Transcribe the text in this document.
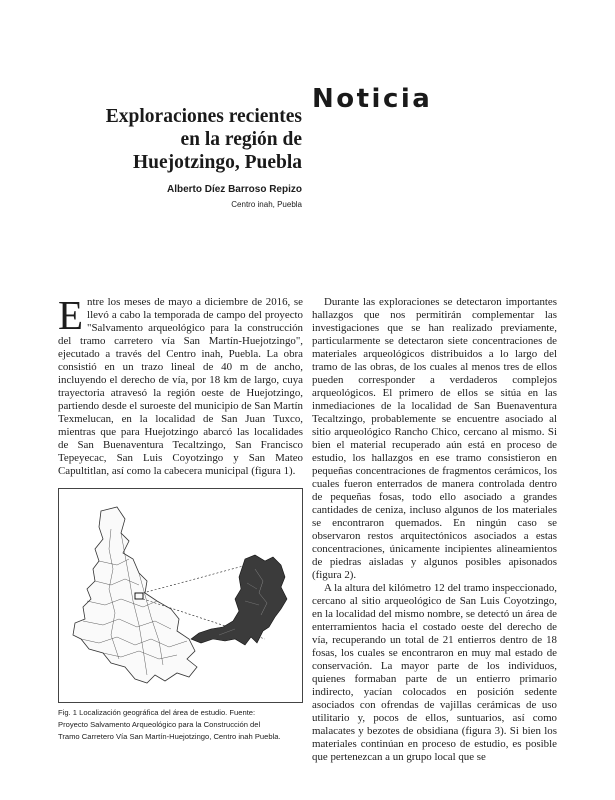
Noticia
Exploraciones recientes
en la región de
Huejotzingo, Puebla

Alberto Díez Barroso Repizo

Centro inah, Puebla

Entre los meses de mayo a diciembre de 2016, se llevó a cabo la temporada de campo del proyecto "Salvamento arqueológico para la construcción del tramo carretero vía San Martín-Huejotzingo", ejecutado a través del Centro inah, Puebla. La obra consistió en un trazo lineal de 40 m de ancho, incluyendo el derecho de vía, por 18 km de largo, cuya trayectoria atravesó la región oeste de Huejotzingo, partiendo desde el suroeste del municipio de San Martín Texmelucan, en la localidad de San Juan Tuxco, mientras que para Huejotzingo abarcó las localidades de San Buenaventura Tecaltzingo, San Francisco Tepeyecac, San Luis Coyotzingo y San Mateo Capultitlan, así como la cabecera municipal (figura 1).

Fig. 1 Localización geográfica del área de estudio. Fuente:
Proyecto Salvamento Arqueológico para la Construcción del
Tramo Carretero Vía San Martín-Huejotzingo, Centro inah Puebla.

Durante las exploraciones se detectaron importantes hallazgos que nos permitirán complementar las investigaciones que se han realizado previamente, particularmente se detectaron siete concentraciones de materiales arqueológicos distribuidos a lo largo del tramo de las obras, de los cuales al menos tres de ellos pueden corresponder a verdaderos complejos arqueológicos. El primero de ellos se sitúa en las inmediaciones de la localidad de San Buenaventura Tecaltzingo, probablemente se encuentre asociado al sitio arqueológico Rancho Chico, cercano al mismo. Si bien el material recuperado aún está en proceso de estudio, los hallazgos en ese tramo consistieron en pequeñas concentraciones de fragmentos cerámicos, los cuales fueron enterrados de manera controlada dentro de pequeñas fosas, todo ello asociado a grandes cantidades de ceniza, incluso algunos de los materiales se encontraron quemados. En ningún caso se observaron restos arquitectónicos asociados a estas concentraciones, únicamente incipientes alineamientos de piedras aisladas y algunos posibles apisonados (figura 2).

A la altura del kilómetro 12 del tramo inspeccionado, cercano al sitio arqueológico de San Luis Coyotzingo, en la localidad del mismo nombre, se detectó un área de enterramientos hacia el costado oeste del derecho de vía, recuperando un total de 21 entierros dentro de 18 fosas, los cuales se encontraron en muy mal estado de conservación. La mayor parte de los individuos, quienes formaban parte de un entierro primario indirecto, yacían colocados en posición sedente asociados con ofrendas de vajillas cerámicas de uso utilitario y, pocos de ellos, suntuarios, así como malacates y bezotes de obsidiana (figura 3). Si bien los materiales continúan en proceso de estudio, es posible que pertenezcan a un grupo local que se
